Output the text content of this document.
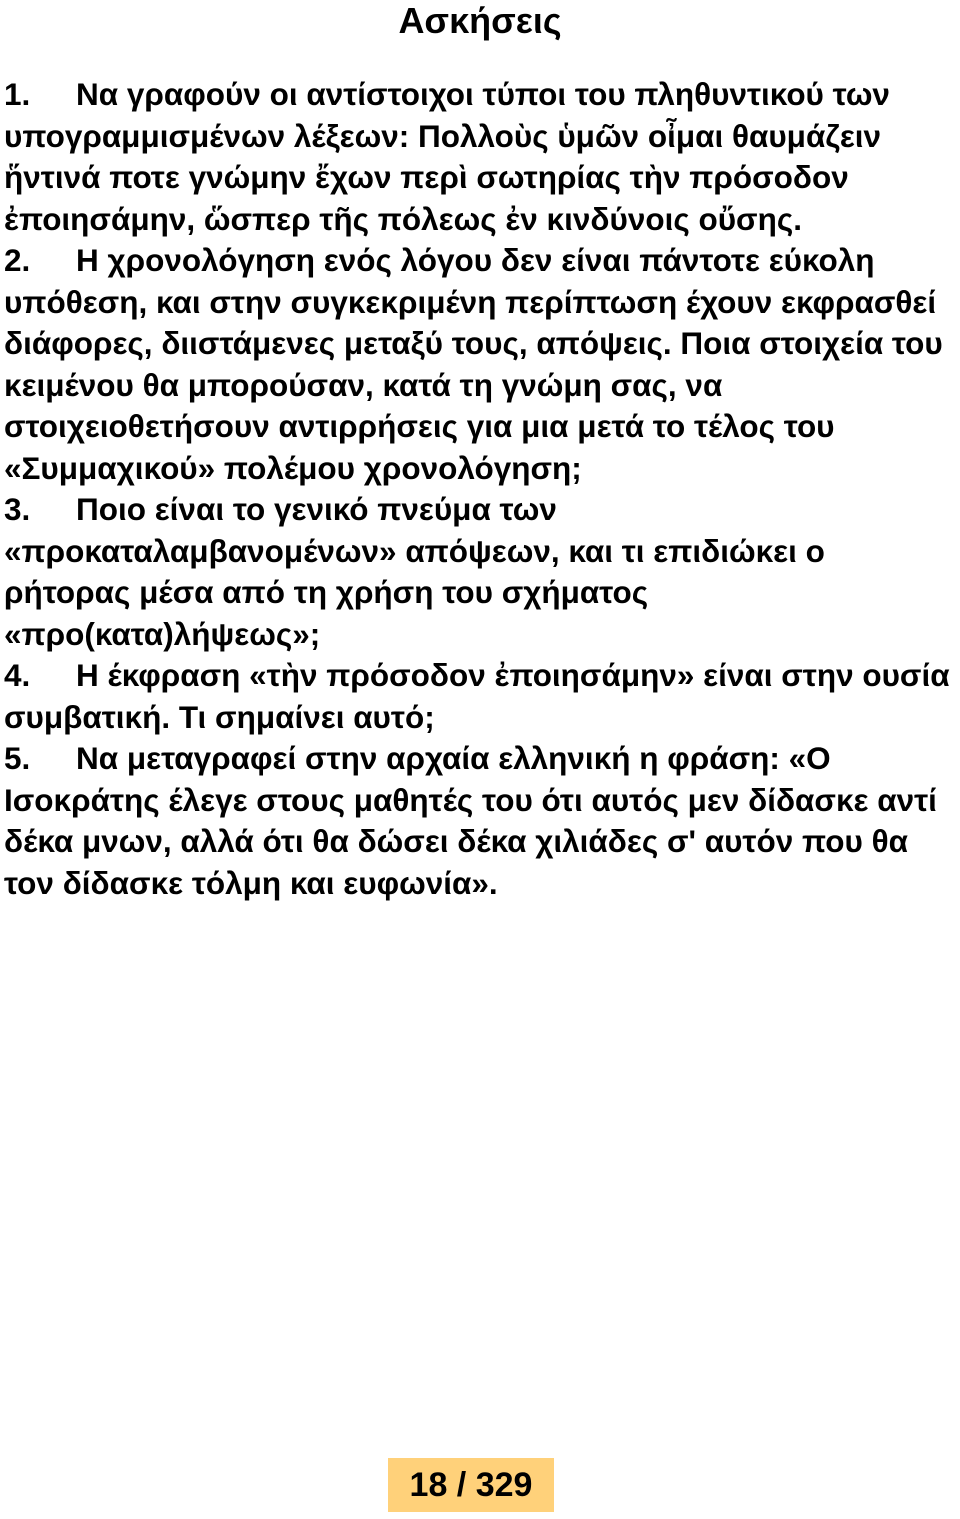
Ασκήσεις

1. Να γραφούν οι αντίστοιχοι τύποι του πληθυντικού των υπογραμμισμένων λέξεων: Πολλοὺς ὑμῶν οἶμαι θαυμάζειν ἥντινά ποτε γνώμην ἔχων περὶ σωτηρίας τὴν πρόσοδον ἐποιησάμην, ὥσπερ τῆς πόλεως ἐν κινδύνοις οὔσης.

2. Η χρονολόγηση ενός λόγου δεν είναι πάντοτε εύκολη υπόθεση, και στην συγκεκριμένη περίπτωση έχουν εκφρασθεί διάφορες, διιστάμενες μεταξύ τους, απόψεις. Ποια στοιχεία του κειμένου θα μπορούσαν, κατά τη γνώμη σας, να στοιχειοθετήσουν αντιρρήσεις για μια μετά το τέλος του «Συμμαχικού» πολέμου χρονολόγηση;

3. Ποιο είναι το γενικό πνεύμα των «προκαταλαμβανομένων» απόψεων, και τι επιδιώκει ο ρήτορας μέσα από τη χρήση του σχήματος «προ(κατα)λήψεως»;

4. Η έκφραση «τὴν πρόσοδον ἐποιησάμην» είναι στην ουσία συμβατική. Τι σημαίνει αυτό;

5. Να μεταγραφεί στην αρχαία ελληνική η φράση: «Ο Ισοκράτης έλεγε στους μαθητές του ότι αυτός μεν δίδασκε αντί δέκα μνων, αλλά ότι θα δώσει δέκα χιλιάδες σ' αυτόν που θα τον δίδασκε τόλμη και ευφωνία».

18 / 329
